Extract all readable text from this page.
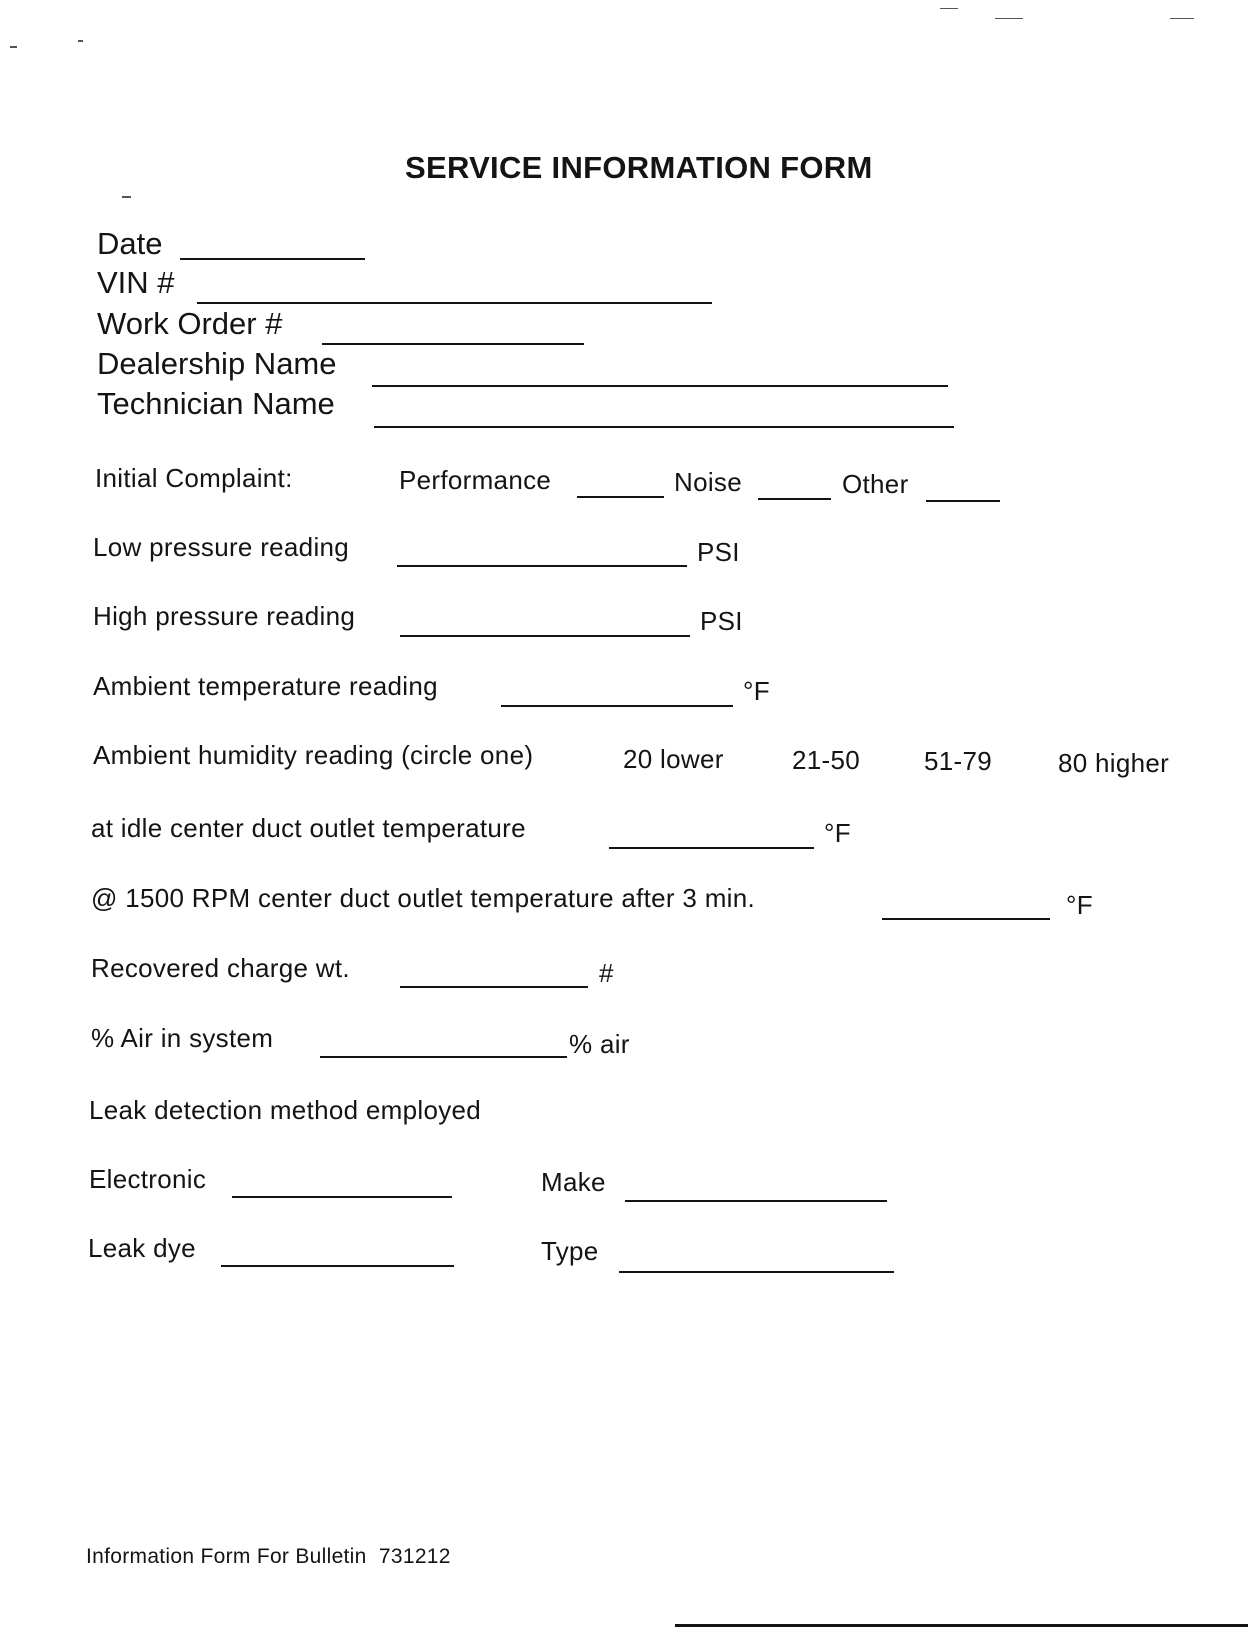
SERVICE INFORMATION FORM
Date
VIN #
Work Order #
Dealership Name
Technician Name
Initial Complaint:	Performance	Noise	Other
Low pressure reading	PSI
High pressure reading	PSI
Ambient temperature reading	°F
Ambient humidity reading (circle one)	20 lower	21-50 51-79	80 higher
at idle center duct outlet temperature	°F
@ 1500 RPM center duct outlet temperature after 3 min.	°F
Recovered charge wt.	#
% Air in system	% air
Leak detection method employed
Electronic	Make
Leak dye	Type
Information Form For Bulletin  731212
